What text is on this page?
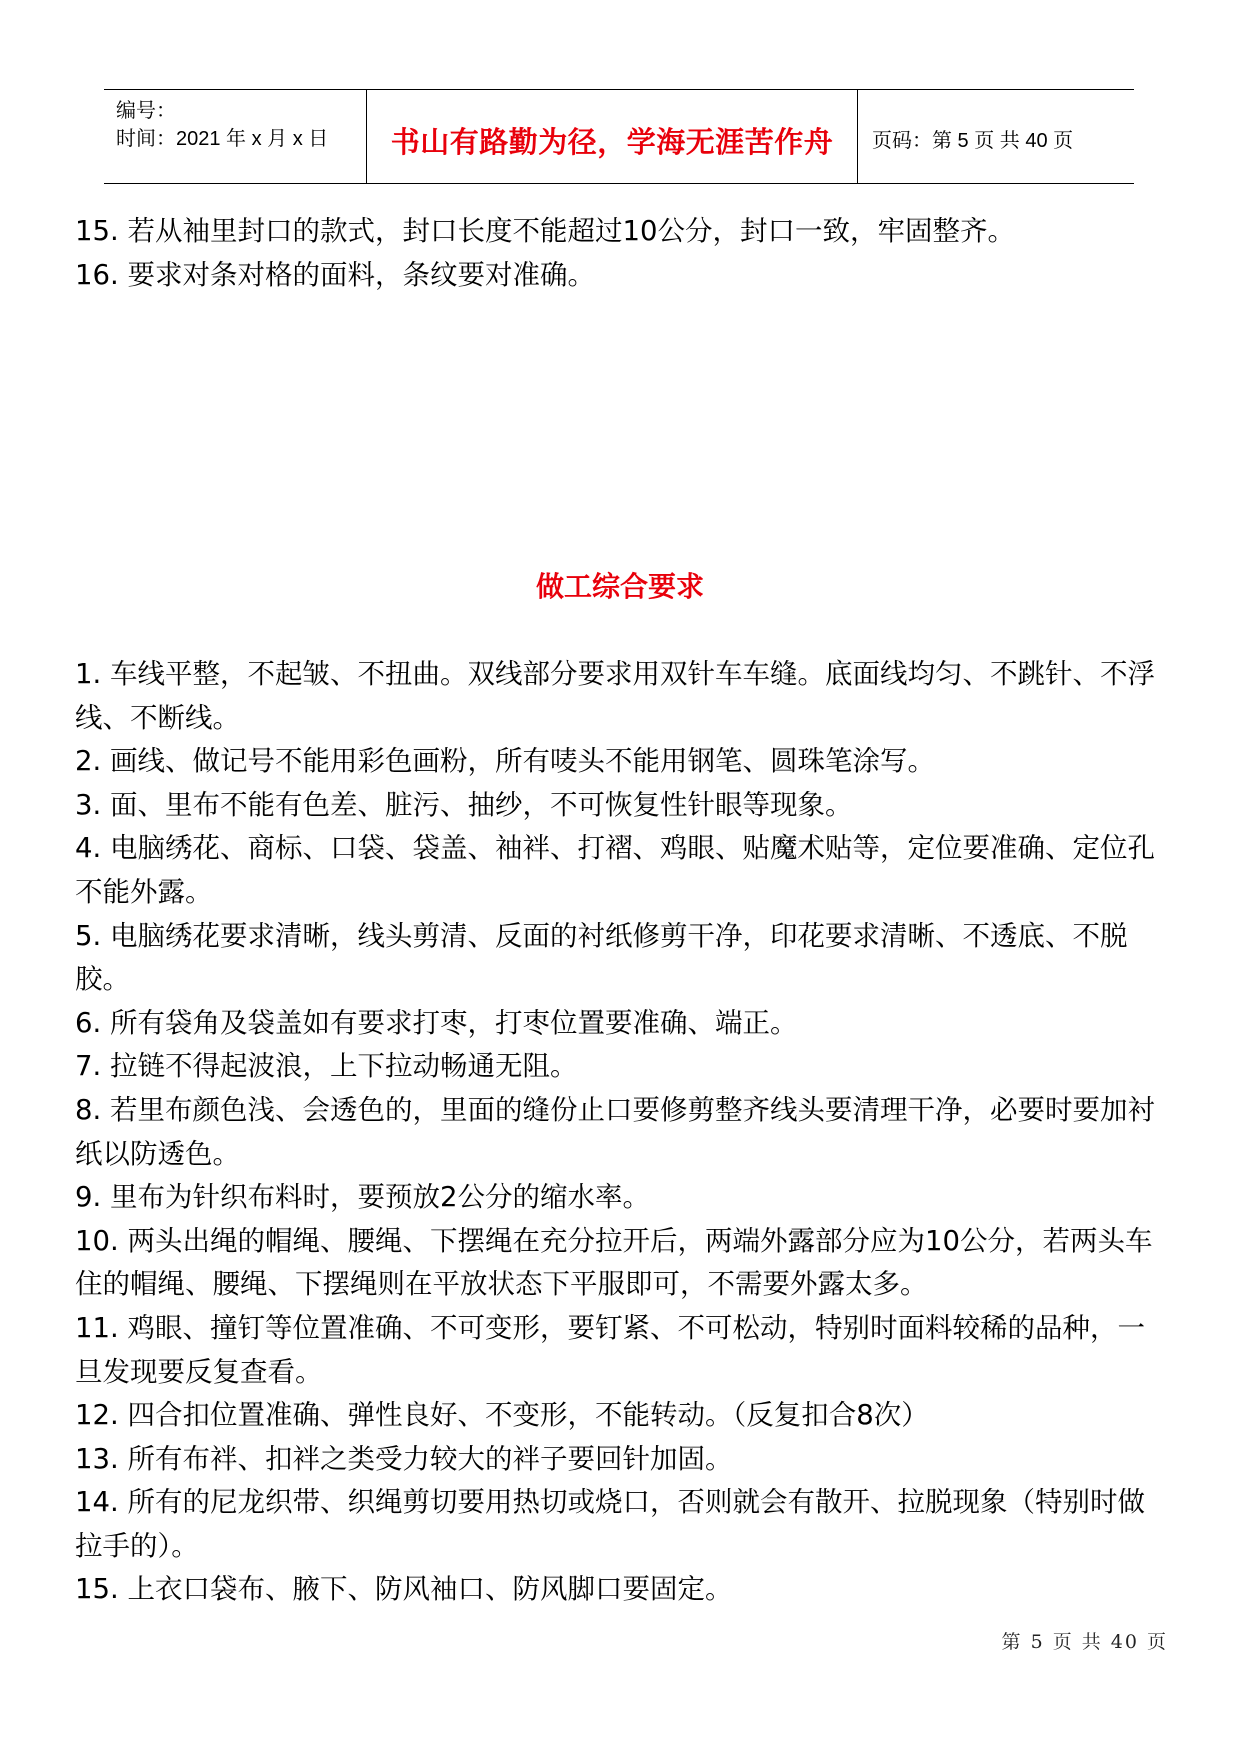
编号：
时间：2021 年 x 月 x 日	书山有路勤为径，学海无涯苦作舟	页码：第 5 页 共 40 页

15. 若从袖里封口的款式，封口长度不能超过10公分，封口一致，牢固整齐。

16. 要求对条对格的面料，条纹要对准确。

做工综合要求

1. 车线平整，不起皱、不扭曲。双线部分要求用双针车车缝。底面线均匀、不跳针、不浮线、不断线。

2. 画线、做记号不能用彩色画粉，所有唛头不能用钢笔、圆珠笔涂写。

3. 面、里布不能有色差、脏污、抽纱，不可恢复性针眼等现象。

4. 电脑绣花、商标、口袋、袋盖、袖袢、打褶、鸡眼、贴魔术贴等，定位要准确、定位孔不能外露。

5. 电脑绣花要求清晰，线头剪清、反面的衬纸修剪干净，印花要求清晰、不透底、不脱胶。

6. 所有袋角及袋盖如有要求打枣，打枣位置要准确、端正。

7. 拉链不得起波浪，上下拉动畅通无阻。

8. 若里布颜色浅、会透色的，里面的缝份止口要修剪整齐线头要清理干净，必要时要加衬纸以防透色。

9. 里布为针织布料时，要预放2公分的缩水率。

10. 两头出绳的帽绳、腰绳、下摆绳在充分拉开后，两端外露部分应为10公分，若两头车住的帽绳、腰绳、下摆绳则在平放状态下平服即可，不需要外露太多。

11. 鸡眼、撞钉等位置准确、不可变形，要钉紧、不可松动，特别时面料较稀的品种，一旦发现要反复查看。

12. 四合扣位置准确、弹性良好、不变形，不能转动。（反复扣合8次）

13. 所有布袢、扣袢之类受力较大的袢子要回针加固。

14. 所有的尼龙织带、织绳剪切要用热切或烧口，否则就会有散开、拉脱现象（特别时做拉手的）。

15. 上衣口袋布、腋下、防风袖口、防风脚口要固定。

第 5 页 共 40 页
